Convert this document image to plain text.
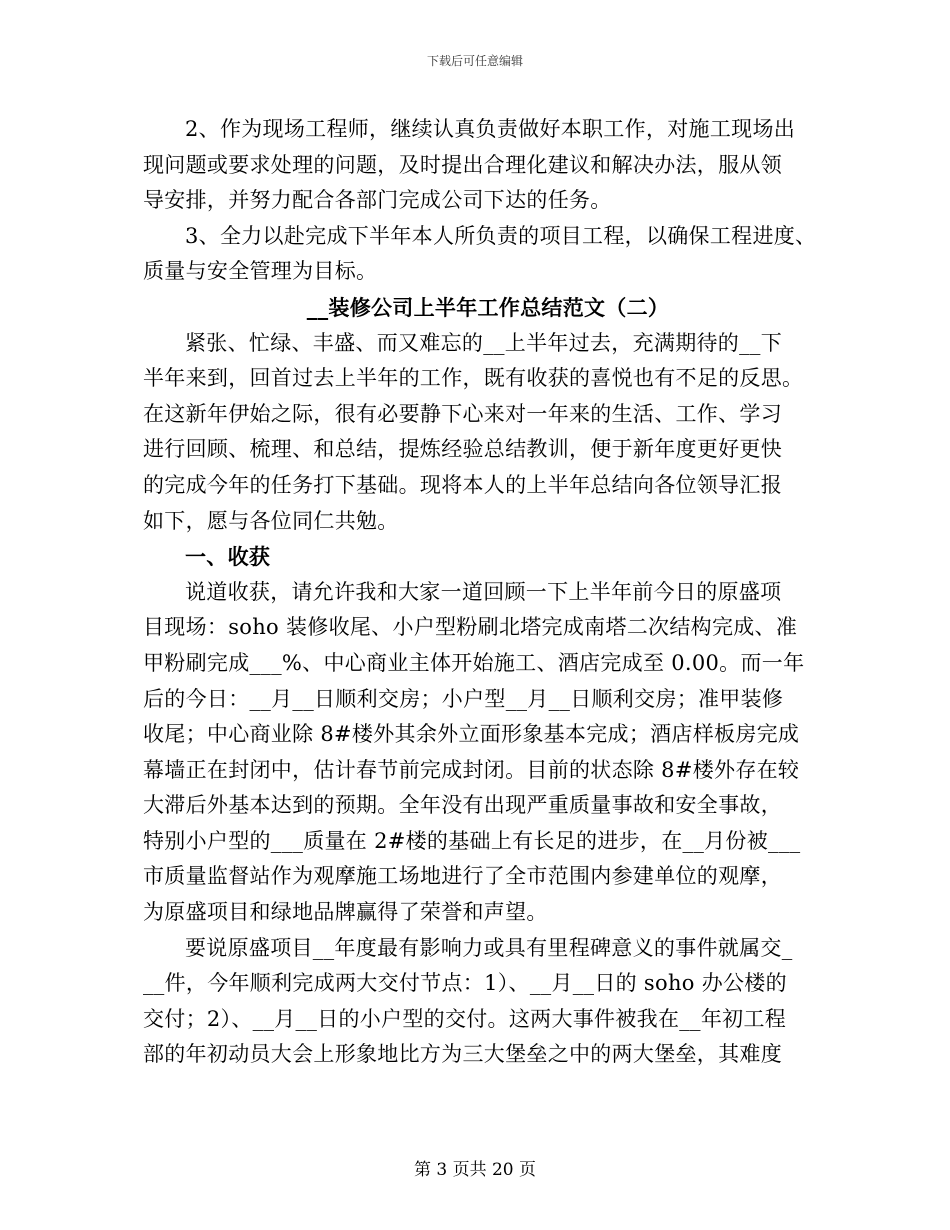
下载后可任意编辑
2、作为现场工程师，继续认真负责做好本职工作，对施工现场出
现问题或要求处理的问题，及时提出合理化建议和解决办法，服从领
导安排，并努力配合各部门完成公司下达的任务。
3、全力以赴完成下半年本人所负责的项目工程，以确保工程进度、
质量与安全管理为目标。
__装修公司上半年工作总结范文（二）
紧张、忙绿、丰盛、而又难忘的__上半年过去，充满期待的__下
半年来到，回首过去上半年的工作，既有收获的喜悦也有不足的反思。
在这新年伊始之际，很有必要静下心来对一年来的生活、工作、学习
进行回顾、梳理、和总结，提炼经验总结教训，便于新年度更好更快
的完成今年的任务打下基础。现将本人的上半年总结向各位领导汇报
如下，愿与各位同仁共勉。
一、收获
说道收获，请允许我和大家一道回顾一下上半年前今日的原盛项
目现场：soho 装修收尾、小户型粉刷北塔完成南塔二次结构完成、准
甲粉刷完成___%、中心商业主体开始施工、酒店完成至 0.00。而一年
后的今日：__月__日顺利交房；小户型__月__日顺利交房；准甲装修
收尾；中心商业除 8#楼外其余外立面形象基本完成；酒店样板房完成
幕墙正在封闭中，估计春节前完成封闭。目前的状态除 8#楼外存在较
大滞后外基本达到的预期。全年没有出现严重质量事故和安全事故，
特别小户型的___质量在 2#楼的基础上有长足的进步，在__月份被___
市质量监督站作为观摩施工场地进行了全市范围内参建单位的观摩，
为原盛项目和绿地品牌赢得了荣誉和声望。
要说原盛项目__年度最有影响力或具有里程碑意义的事件就属交_
__件，今年顺利完成两大交付节点：1）、__月__日的 soho 办公楼的
交付；2）、__月__日的小户型的交付。这两大事件被我在__年初工程
部的年初动员大会上形象地比方为三大堡垒之中的两大堡垒，其难度
第 3 页共 20 页
